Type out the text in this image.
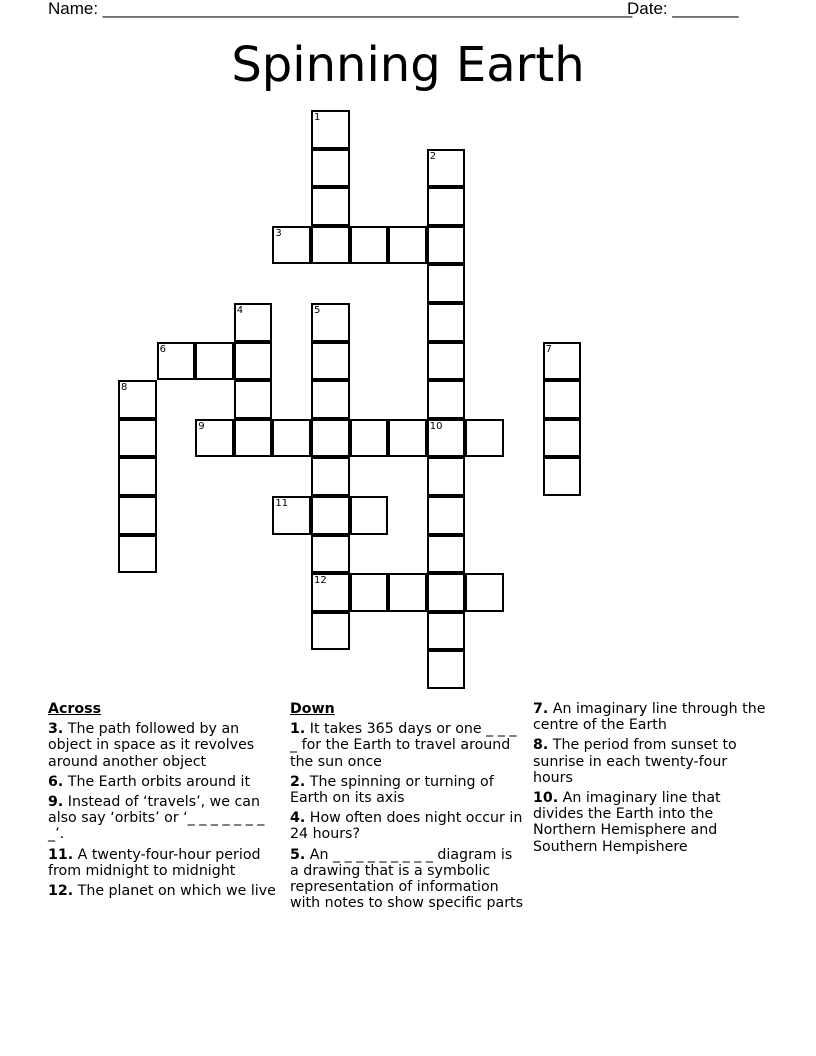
Name: ________________________________________________________
Date: _______
Spinning Earth
1
2
3
4	5
6	7
8
9	10
11
12
Across
3. The path followed by an object in space as it revolves around another object
6. The Earth orbits around it
9. Instead of ‘travels’, we can also say ‘orbits’ or ‘_ _ _ _ _ _ _ _’.
11. A twenty-four-hour period from midnight to midnight
12. The planet on which we live
Down
1. It takes 365 days or one _ _ _ _ for the Earth to travel around the sun once
2. The spinning or turning of Earth on its axis
4. How often does night occur in 24 hours?
5. An _ _ _ _ _ _ _ _ _ diagram is a drawing that is a symbolic representation of information with notes to show specific parts
7. An imaginary line through the centre of the Earth
8. The period from sunset to sunrise in each twenty-four hours
10. An imaginary line that divides the Earth into the Northern Hemisphere and Southern Hempishere
